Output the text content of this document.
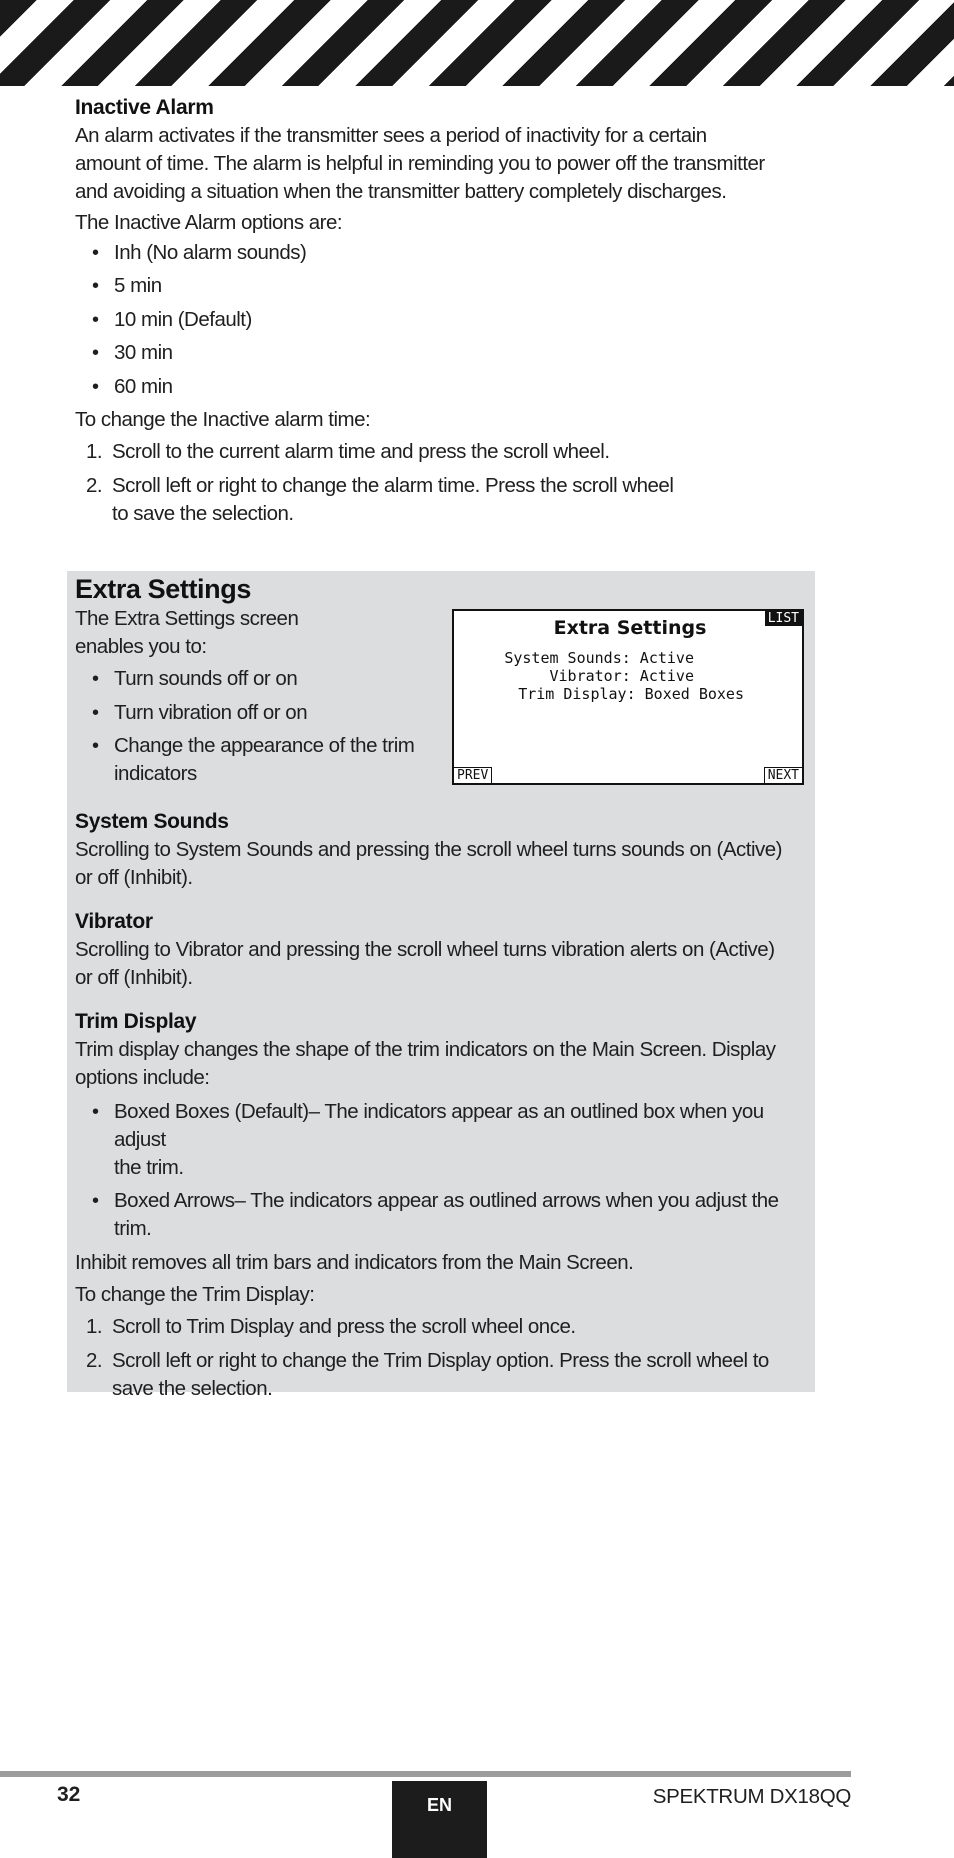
Inactive Alarm

An alarm activates if the transmitter sees a period of inactivity for a certain
amount of time. The alarm is helpful in reminding you to power off the transmitter
and avoiding a situation when the transmitter battery completely discharges.

The Inactive Alarm options are:

• Inh (No alarm sounds)
• 5 min
• 10 min (Default)
• 30 min
• 60 min

To change the Inactive alarm time:

1. Scroll to the current alarm time and press the scroll wheel.
2. Scroll left or right to change the alarm time. Press the scroll wheel
to save the selection.
Extra Settings

The Extra Settings screen
enables you to:

• Turn sounds off or on
• Turn vibration off or on
• Change the appearance of the trim
indicators
Extra Settings	LIST
System Sounds: Active
Vibrator: Active
Trim Display: Boxed Boxes
PREV	NEXT
System Sounds

Scrolling to System Sounds and pressing the scroll wheel turns sounds on (Active)
or off (Inhibit).

Vibrator

Scrolling to Vibrator and pressing the scroll wheel turns vibration alerts on (Active)
or off (Inhibit).

Trim Display

Trim display changes the shape of the trim indicators on the Main Screen. Display
options include:

• Boxed Boxes (Default)– The indicators appear as an outlined box when you adjust
the trim.
• Boxed Arrows– The indicators appear as outlined arrows when you adjust the
trim.

Inhibit removes all trim bars and indicators from the Main Screen.

To change the Trim Display:

1. Scroll to Trim Display and press the scroll wheel once.
2. Scroll left or right to change the Trim Display option. Press the scroll wheel to
save the selection.
32	EN	SPEKTRUM DX18QQ
